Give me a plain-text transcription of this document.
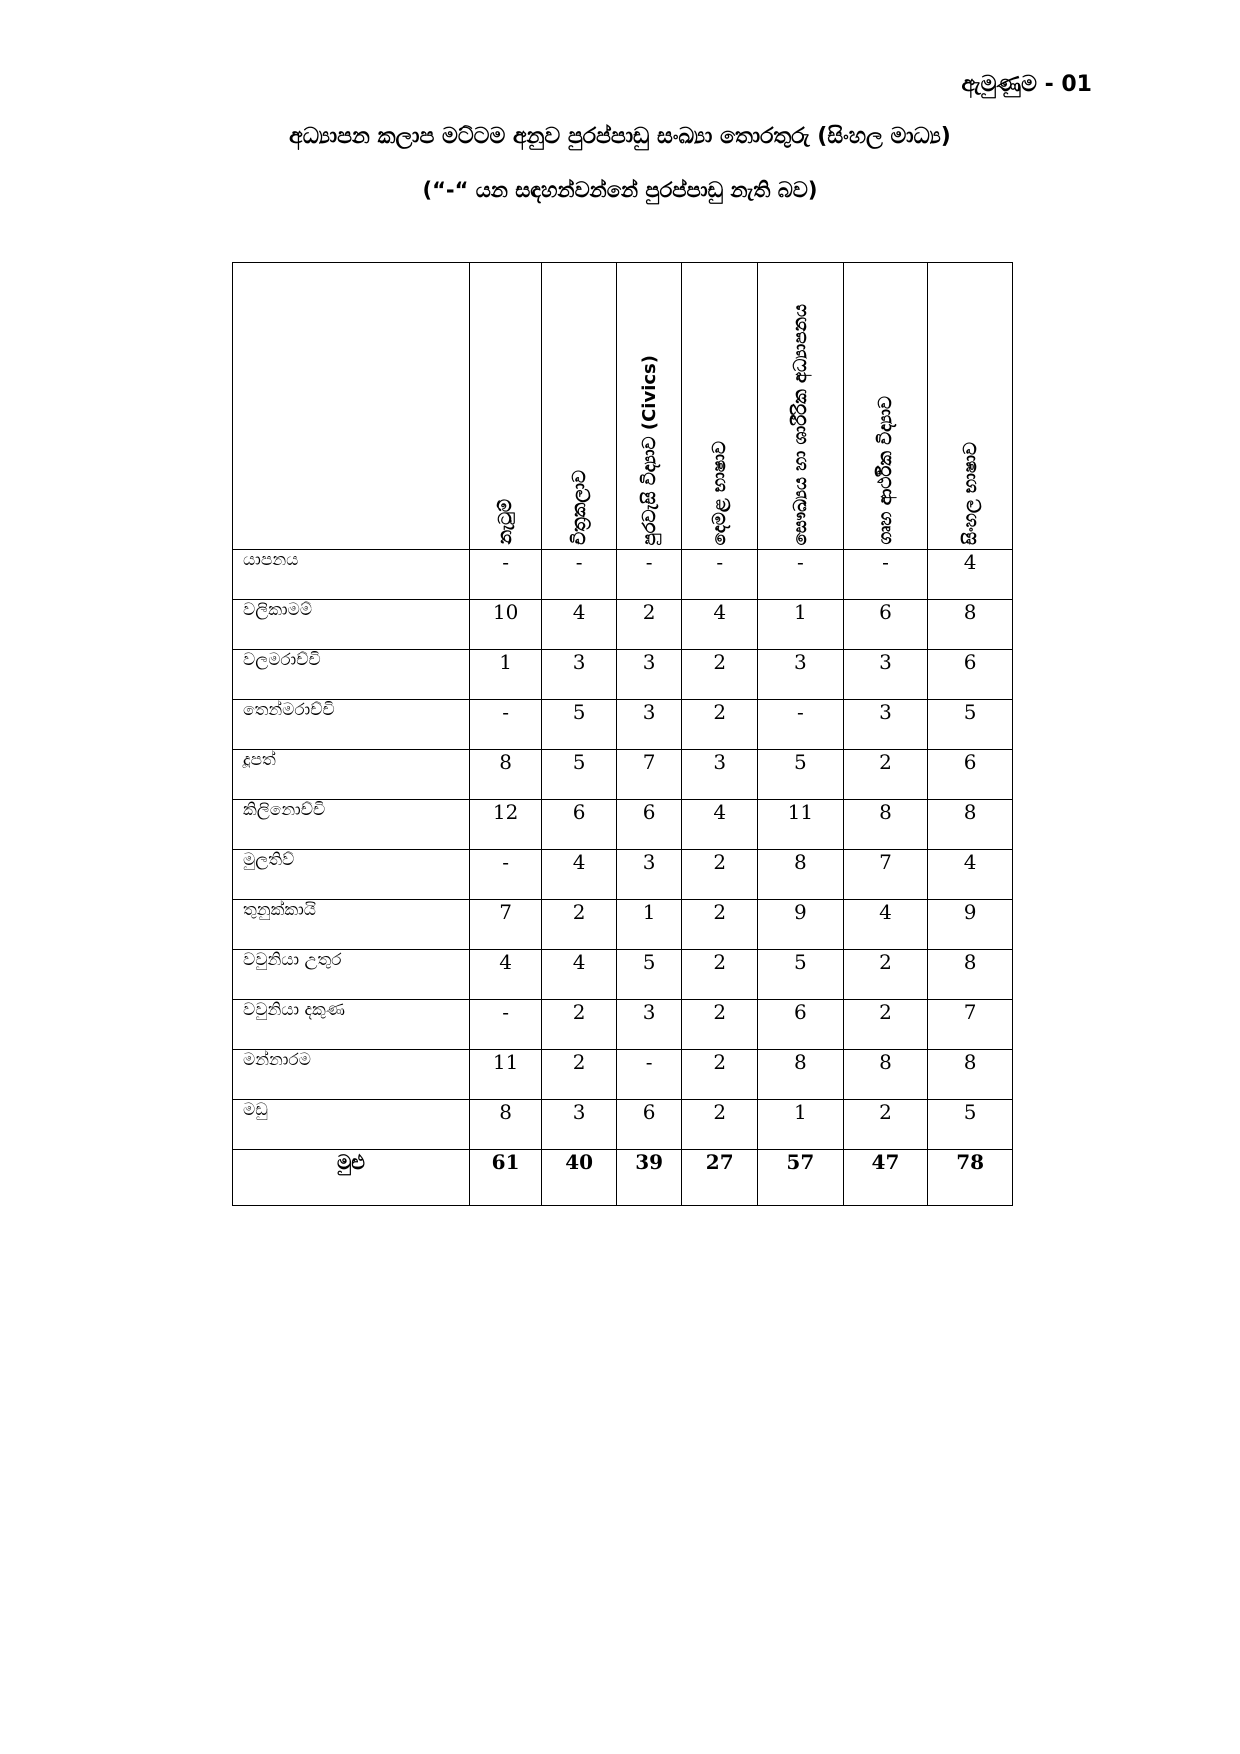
ඇමුණුම - 01
අධ්‍යාපන කලාප මට්ටම අනුව පුරප්පාඩු සංඛ්‍යා තොරතුරු (සිංහල මාධ්‍ය)
(“-“ යන සඳහන්වන්නේ පුරප්පාඩු නැති බව)

	නැටුම්	චිත්‍රකලාව	පුරවැසි විද්‍යාව (Civics)	දෙමළ භාෂාව	සෞඛ්‍යය හා ශාරීරික අධ්‍යාපනය	ගෘහ ආර්ථික විද්‍යාව	සිංහල භාෂාව

යාපනය	-	-	-	-	-	-	4
වලිකාමම්	10	4	2	4	1	6	8
වලමරාච්චි	1	3	3	2	3	3	6
තෙන්මරාච්චි	-	5	3	2	-	3	5
දූපත්	8	5	7	3	5	2	6
කිලිනොච්චි	12	6	6	4	11	8	8
මුලතිව්	-	4	3	2	8	7	4
තුනුක්කායි	7	2	1	2	9	4	9
වවුනියා උතුර	4	4	5	2	5	2	8
වවුනියා දකුණ	-	2	3	2	6	2	7
මන්නාරම	11	2	-	2	8	8	8
මඩු	8	3	6	2	1	2	5
මුළු	61	40	39	27	57	47	78
